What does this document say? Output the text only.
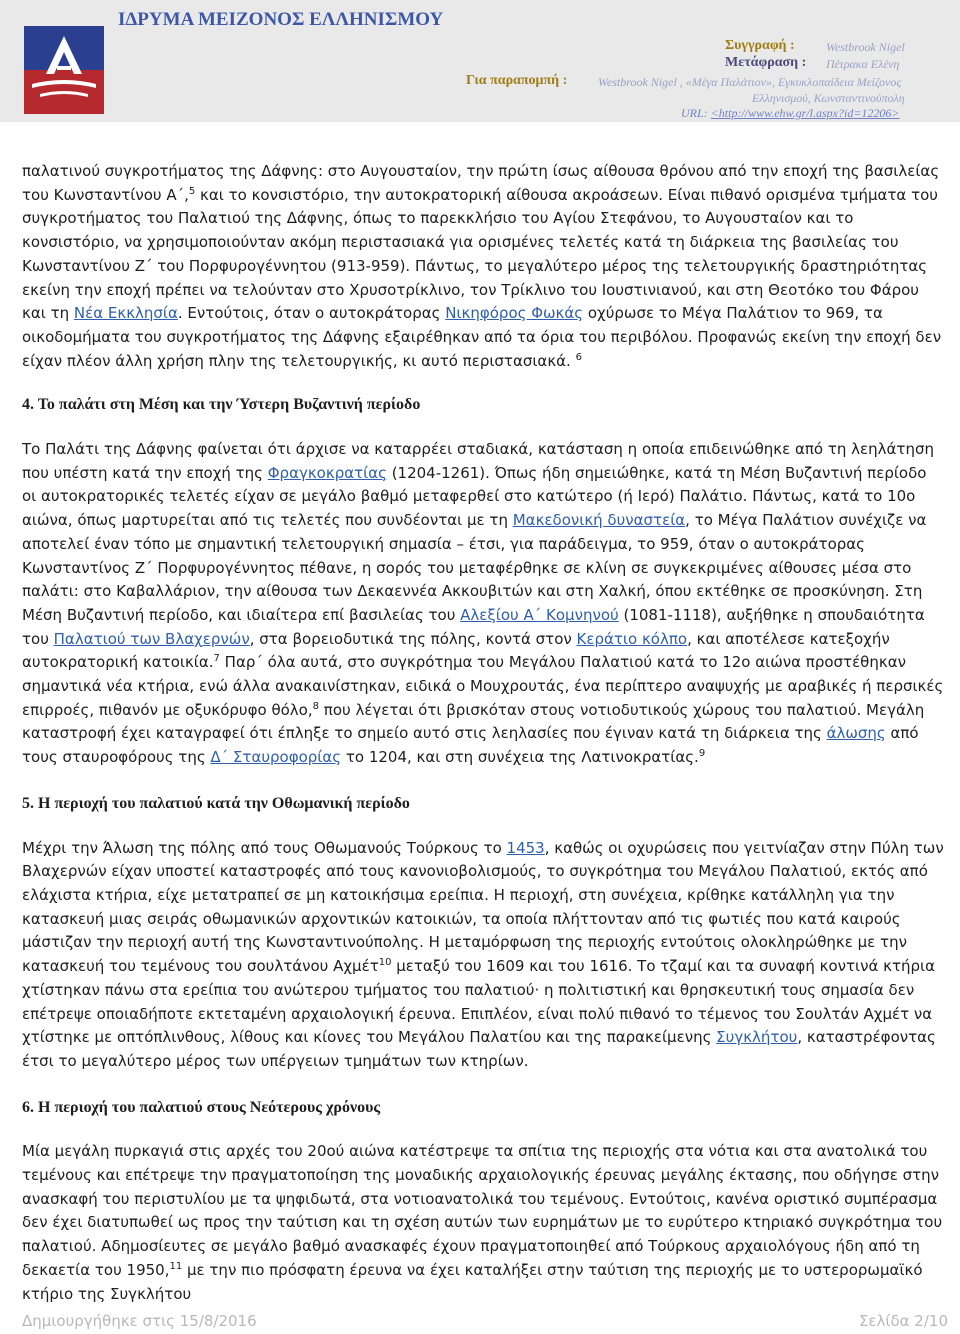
ΙΔΡΥΜΑ ΜΕΙΖΟΝΟΣ ΕΛΛΗΝΙΣΜΟΥ
Συγγραφή :	Westbrook Nigel
Μετάφραση : Πέτρακα Ελένη
Για παραπομπή :	Westbrook Nigel , «Μέγα Παλάτιον», Εγκυκλοπαίδεια Μείζονος
Ελληνισμού, Κωνσταντινούπολη
URL: <http://www.ehw.gr/l.aspx?id=12206>

παλατινού συγκροτήματος της Δάφνης: στο Αυγουσταίον, την πρώτη ίσως αίθουσα θρόνου από την εποχή της βασιλείας του Κωνσταντίνου Α΄,$^5$ και το κονσιστόριο, την αυτοκρατορική αίθουσα ακροάσεων. Είναι πιθανό ορισμένα τμήματα του συγκροτήματος του Παλατιού της Δάφνης, όπως το παρεκκλήσιο του Αγίου Στεφάνου, το Αυγουσταίον και το κονσιστόριο, να χρησιμοποιούνταν ακόμη περιστασιακά για ορισμένες τελετές κατά τη διάρκεια της βασιλείας του Κωνσταντίνου Ζ΄ του Πορφυρογέννητου (913-959). Πάντως, το μεγαλύτερο μέρος της τελετουργικής δραστηριότητας εκείνη την εποχή πρέπει να τελούνταν στο Χρυσοτρίκλινο, τον Τρίκλινο του Ιουστινιανού, και στη Θεοτόκο του Φάρου και τη Νέα Εκκλησία. Εντούτοις, όταν ο αυτοκράτορας Νικηφόρος Φωκάς οχύρωσε το Μέγα Παλάτιον το 969, τα οικοδομήματα του συγκροτήματος της Δάφνης εξαιρέθηκαν από τα όρια του περιβόλου. Προφανώς εκείνη την εποχή δεν είχαν πλέον άλλη χρήση πλην της τελετουργικής, κι αυτό περιστασιακά. $^6$

4. Το παλάτι στη Μέση και την Ύστερη Βυζαντινή περίοδο

Το Παλάτι της Δάφνης φαίνεται ότι άρχισε να καταρρέει σταδιακά, κατάσταση η οποία επιδεινώθηκε από τη λεηλάτηση που υπέστη κατά την εποχή της Φραγκοκρατίας (1204-1261). Όπως ήδη σημειώθηκε, κατά τη Μέση Βυζαντινή περίοδο οι αυτοκρατορικές τελετές είχαν σε μεγάλο βαθμό μεταφερθεί στο κατώτερο (ή Ιερό) Παλάτιο. Πάντως, κατά το 10ο αιώνα, όπως μαρτυρείται από τις τελετές που συνδέονται με τη Μακεδονική δυναστεία, το Μέγα Παλάτιον συνέχιζε να αποτελεί έναν τόπο με σημαντική τελετουργική σημασία – έτσι, για παράδειγμα, το 959, όταν ο αυτοκράτορας Κωνσταντίνος Ζ΄ Πορφυρογέννητος πέθανε, η σορός του μεταφέρθηκε σε κλίνη σε συγκεκριμένες αίθουσες μέσα στο παλάτι: στο Καβαλλάριον, την αίθουσα των Δεκαεννέα Ακκουβιτών και στη Χαλκή, όπου εκτέθηκε σε προσκύνηση. Στη Μέση Βυζαντινή περίοδο, και ιδιαίτερα επί βασιλείας του Αλεξίου Α΄ Κομνηνού (1081-1118), αυξήθηκε η σπουδαιότητα του Παλατιού των Βλαχερνών, στα βορειοδυτικά της πόλης, κοντά στον Κεράτιο κόλπο, και αποτέλεσε κατεξοχήν αυτοκρατορική κατοικία.$^7$ Παρ΄ όλα αυτά, στο συγκρότημα του Μεγάλου Παλατιού κατά το 12ο αιώνα προστέθηκαν σημαντικά νέα κτήρια, ενώ άλλα ανακαινίστηκαν, ειδικά ο Μουχρουτάς, ένα περίπτερο αναψυχής με αραβικές ή περσικές επιρροές, πιθανόν με οξυκόρυφο θόλο,$^8$ που λέγεται ότι βρισκόταν στους νοτιοδυτικούς χώρους του παλατιού. Μεγάλη καταστροφή έχει καταγραφεί ότι έπληξε το σημείο αυτό στις λεηλασίες που έγιναν κατά τη διάρκεια της άλωσης από τους σταυροφόρους της Δ΄ Σταυροφορίας το 1204, και στη συνέχεια της Λατινοκρατίας.$^9$

5. Η περιοχή του παλατιού κατά την Οθωμανική περίοδο

Μέχρι την Άλωση της πόλης από τους Οθωμανούς Τούρκους το 1453, καθώς οι οχυρώσεις που γειτνίαζαν στην Πύλη των Βλαχερνών είχαν υποστεί καταστροφές από τους κανονιοβολισμούς, το συγκρότημα του Μεγάλου Παλατιού, εκτός από ελάχιστα κτήρια, είχε μετατραπεί σε μη κατοικήσιμα ερείπια. Η περιοχή, στη συνέχεια, κρίθηκε κατάλληλη για την κατασκευή μιας σειράς οθωμανικών αρχοντικών κατοικιών, τα οποία πλήττονταν από τις φωτιές που κατά καιρούς μάστιζαν την περιοχή αυτή της Κωνσταντινούπολης. Η μεταμόρφωση της περιοχής εντούτοις ολοκληρώθηκε με την κατασκευή του τεμένους του σουλτάνου Αχμέτ$^{10}$ μεταξύ του 1609 και του 1616. Το τζαμί και τα συναφή κοντινά κτήρια χτίστηκαν πάνω στα ερείπια του ανώτερου τμήματος του παλατιού· η πολιτιστική και θρησκευτική τους σημασία δεν επέτρεψε οποιαδήποτε εκτεταμένη αρχαιολογική έρευνα. Επιπλέον, είναι πολύ πιθανό το τέμενος του Σουλτάν Αχμέτ να χτίστηκε με οπτόπλινθους, λίθους και κίονες του Μεγάλου Παλατίου και της παρακείμενης Συγκλήτου, καταστρέφοντας έτσι το μεγαλύτερο μέρος των υπέργειων τμημάτων των κτηρίων.

6. Η περιοχή του παλατιού στους Νεότερους χρόνους

Μία μεγάλη πυρκαγιά στις αρχές του 20ού αιώνα κατέστρεψε τα σπίτια της περιοχής στα νότια και στα ανατολικά του τεμένους και επέτρεψε την πραγματοποίηση της μοναδικής αρχαιολογικής έρευνας μεγάλης έκτασης, που οδήγησε στην ανασκαφή του περιστυλίου με τα ψηφιδωτά, στα νοτιοανατολικά του τεμένους. Εντούτοις, κανένα οριστικό συμπέρασμα δεν έχει διατυπωθεί ως προς την ταύτιση και τη σχέση αυτών των ευρημάτων με το ευρύτερο κτηριακό συγκρότημα του παλατιού. Αδημοσίευτες σε μεγάλο βαθμό ανασκαφές έχουν πραγματοποιηθεί από Τούρκους αρχαιολόγους ήδη από τη δεκαετία του 1950,11 με την πιο πρόσφατη έρευνα να έχει καταλήξει στην ταύτιση της περιοχής με το υστερορωμαϊκό κτήριο της Συγκλήτου

Δημιουργήθηκε στις 15/8/2016	Σελίδα 2/10
